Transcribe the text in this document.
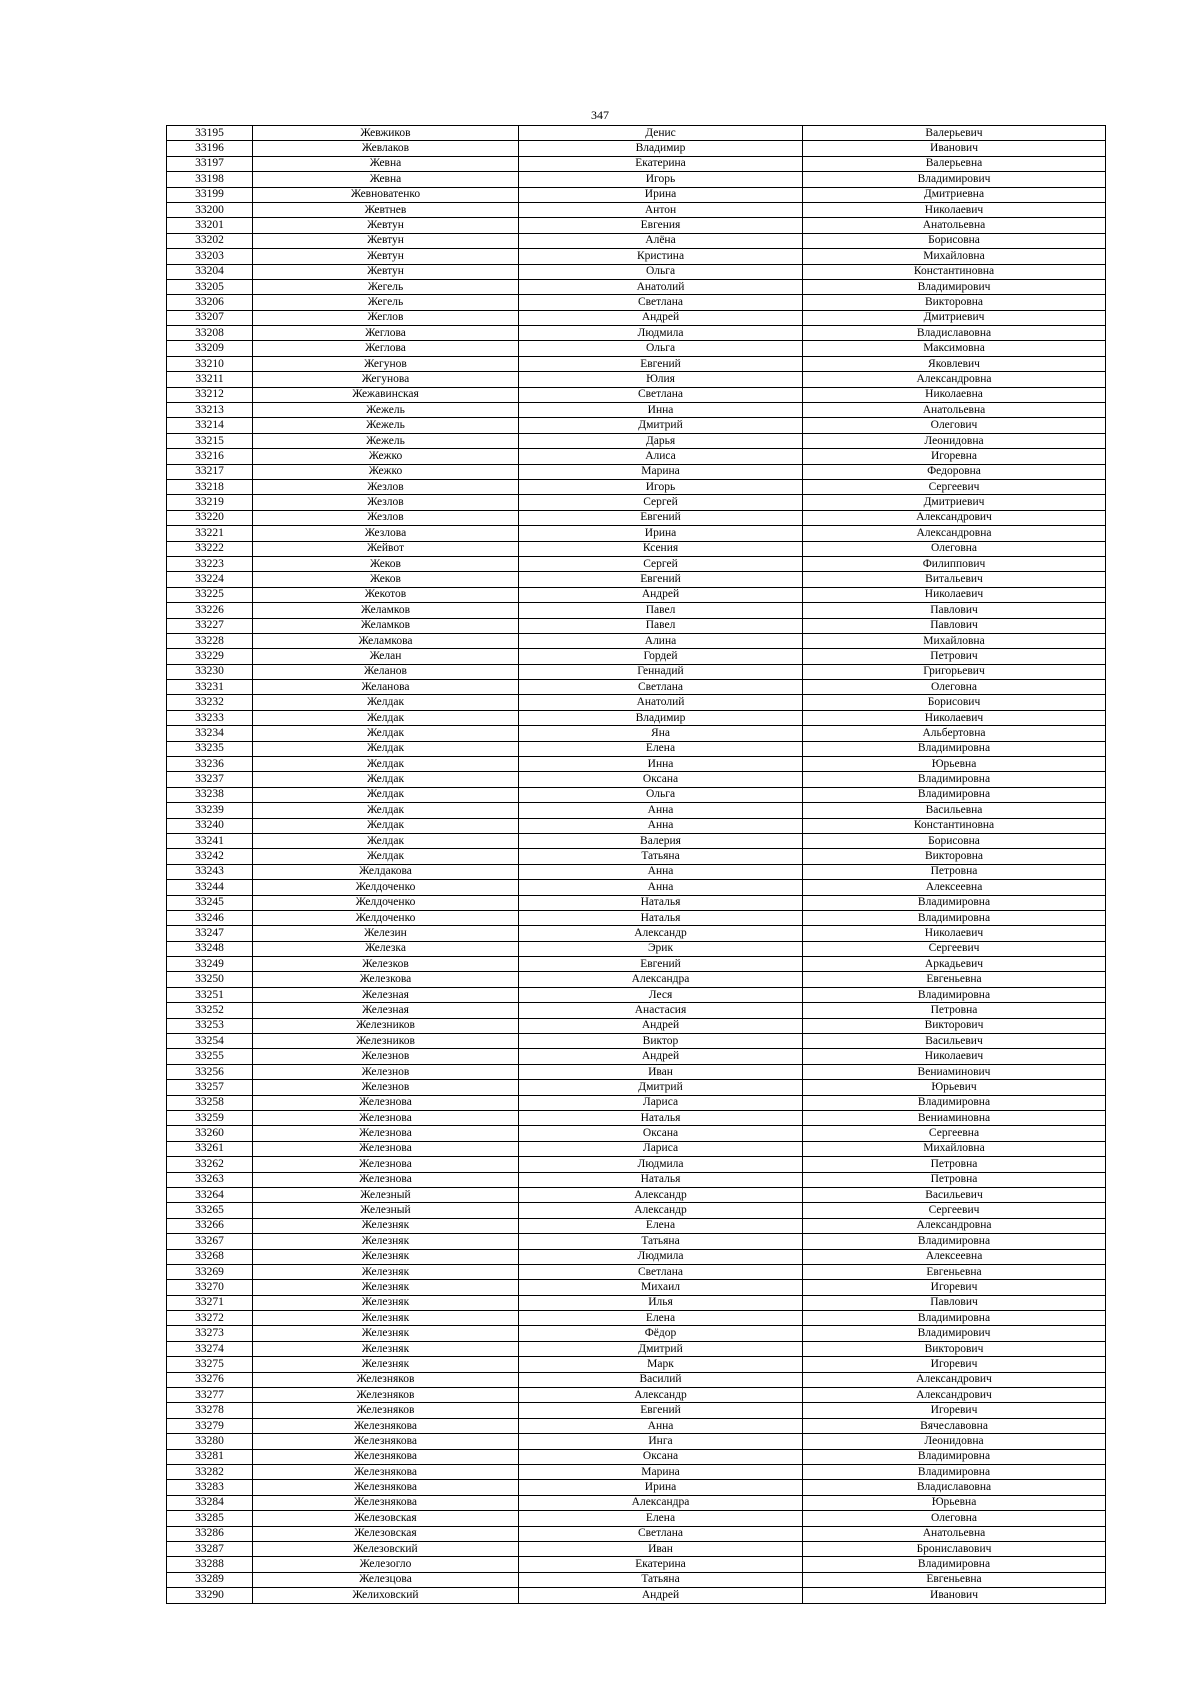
347
33195	Жевжиков	Денис	Валерьевич
33196	Жевлаков	Владимир	Иванович
33197	Жевна	Екатерина	Валерьевна
33198	Жевна	Игорь	Владимирович
33199	Жевноватенко	Ирина	Дмитриевна
33200	Жевтнев	Антон	Николаевич
33201	Жевтун	Евгения	Анатольевна
33202	Жевтун	Алёна	Борисовна
33203	Жевтун	Кристина	Михайловна
33204	Жевтун	Ольга	Константиновна
33205	Жегель	Анатолий	Владимирович
33206	Жегель	Светлана	Викторовна
33207	Жеглов	Андрей	Дмитриевич
33208	Жеглова	Людмила	Владиславовна
33209	Жеглова	Ольга	Максимовна
33210	Жегунов	Евгений	Яковлевич
33211	Жегунова	Юлия	Александровна
33212	Жежавинская	Светлана	Николаевна
33213	Жежель	Инна	Анатольевна
33214	Жежель	Дмитрий	Олегович
33215	Жежель	Дарья	Леонидовна
33216	Жежко	Алиса	Игоревна
33217	Жежко	Марина	Федоровна
33218	Жезлов	Игорь	Сергеевич
33219	Жезлов	Сергей	Дмитриевич
33220	Жезлов	Евгений	Александрович
33221	Жезлова	Ирина	Александровна
33222	Жейвот	Ксения	Олеговна
33223	Жеков	Сергей	Филиппович
33224	Жеков	Евгений	Витальевич
33225	Жекотов	Андрей	Николаевич
33226	Желамков	Павел	Павлович
33227	Желамков	Павел	Павлович
33228	Желамкова	Алина	Михайловна
33229	Желан	Гордей	Петрович
33230	Желанов	Геннадий	Григорьевич
33231	Желанова	Светлана	Олеговна
33232	Желдак	Анатолий	Борисович
33233	Желдак	Владимир	Николаевич
33234	Желдак	Яна	Альбертовна
33235	Желдак	Елена	Владимировна
33236	Желдак	Инна	Юрьевна
33237	Желдак	Оксана	Владимировна
33238	Желдак	Ольга	Владимировна
33239	Желдак	Анна	Васильевна
33240	Желдак	Анна	Константиновна
33241	Желдак	Валерия	Борисовна
33242	Желдак	Татьяна	Викторовна
33243	Желдакова	Анна	Петровна
33244	Желдоченко	Анна	Алексеевна
33245	Желдоченко	Наталья	Владимировна
33246	Желдоченко	Наталья	Владимировна
33247	Железин	Александр	Николаевич
33248	Железка	Эрик	Сергеевич
33249	Железков	Евгений	Аркадьевич
33250	Железкова	Александра	Евгеньевна
33251	Железная	Леся	Владимировна
33252	Железная	Анастасия	Петровна
33253	Железников	Андрей	Викторович
33254	Железников	Виктор	Васильевич
33255	Железнов	Андрей	Николаевич
33256	Железнов	Иван	Вениаминович
33257	Железнов	Дмитрий	Юрьевич
33258	Железнова	Лариса	Владимировна
33259	Железнова	Наталья	Вениаминовна
33260	Железнова	Оксана	Сергеевна
33261	Железнова	Лариса	Михайловна
33262	Железнова	Людмила	Петровна
33263	Железнова	Наталья	Петровна
33264	Железный	Александр	Васильевич
33265	Железный	Александр	Сергеевич
33266	Железняк	Елена	Александровна
33267	Железняк	Татьяна	Владимировна
33268	Железняк	Людмила	Алексеевна
33269	Железняк	Светлана	Евгеньевна
33270	Железняк	Михаил	Игоревич
33271	Железняк	Илья	Павлович
33272	Железняк	Елена	Владимировна
33273	Железняк	Фёдор	Владимирович
33274	Железняк	Дмитрий	Викторович
33275	Железняк	Марк	Игоревич
33276	Железняков	Василий	Александрович
33277	Железняков	Александр	Александрович
33278	Железняков	Евгений	Игоревич
33279	Железнякова	Анна	Вячеславовна
33280	Железнякова	Инга	Леонидовна
33281	Железнякова	Оксана	Владимировна
33282	Железнякова	Марина	Владимировна
33283	Железнякова	Ирина	Владиславовна
33284	Железнякова	Александра	Юрьевна
33285	Железовская	Елена	Олеговна
33286	Железовская	Светлана	Анатольевна
33287	Железовский	Иван	Брониславович
33288	Железогло	Екатерина	Владимировна
33289	Железцова	Татьяна	Евгеньевна
33290	Желиховский	Андрей	Иванович
